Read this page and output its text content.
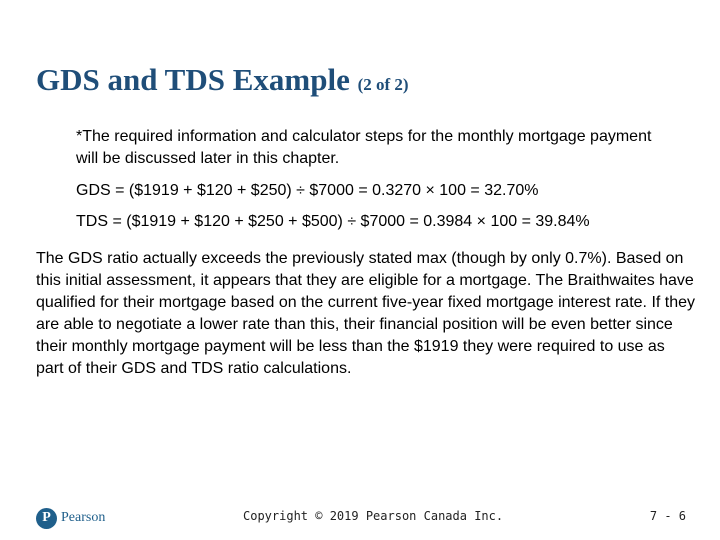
GDS and TDS Example (2 of 2)

*The required information and calculator steps for the monthly mortgage payment will be discussed later in this chapter.

GDS = ($1919 + $120 + $250) ÷ $7000 = 0.3270 × 100 = 32.70%

TDS = ($1919 + $120 + $250 + $500) ÷ $7000 = 0.3984 × 100 = 39.84%

The GDS ratio actually exceeds the previously stated max (though by only 0.7%). Based on this initial assessment, it appears that they are eligible for a mortgage. The Braithwaites have qualified for their mortgage based on the current five-year fixed mortgage interest rate. If they are able to negotiate a lower rate than this, their financial position will be even better since their monthly mortgage payment will be less than the $1919 they were required to use as part of their GDS and TDS ratio calculations.

P Pearson	Copyright © 2019 Pearson Canada Inc.	7 - 6
